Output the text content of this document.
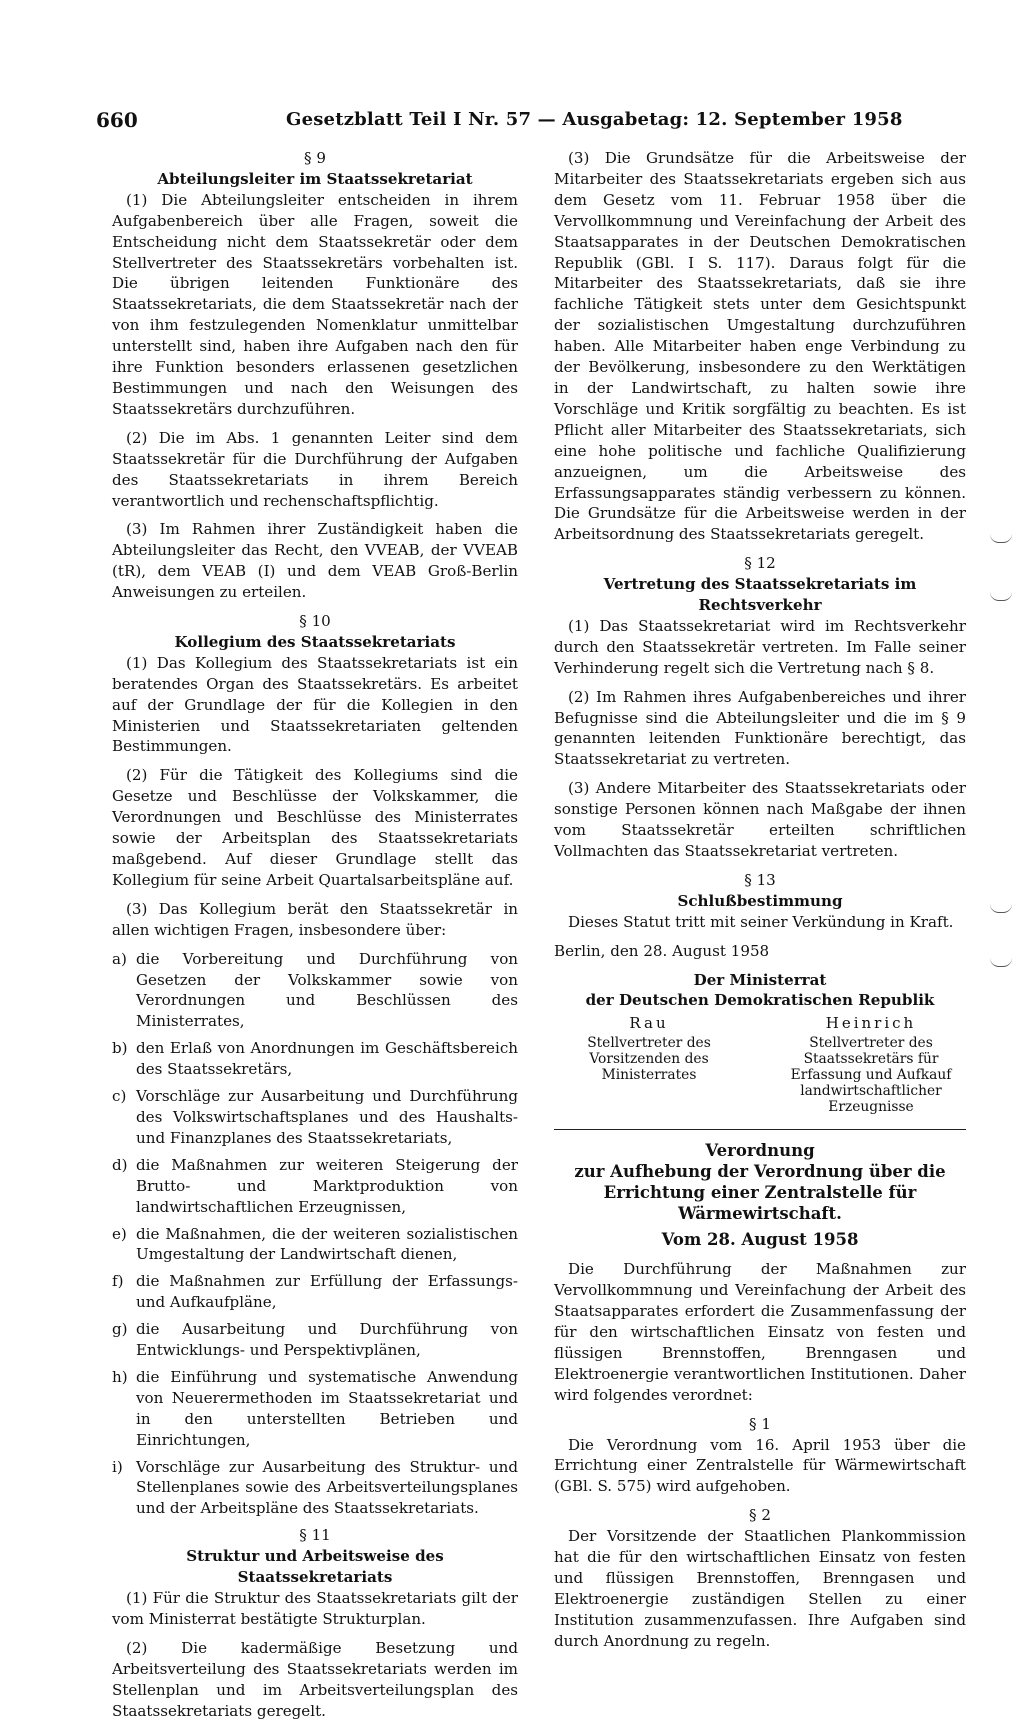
660	Gesetzblatt Teil I Nr. 57 — Ausgabetag: 12. September 1958
§ 9
Abteilungsleiter im Staatssekretariat

(1) Die Abteilungsleiter entscheiden in ihrem Aufgabenbereich über alle Fragen, soweit die Entscheidung nicht dem Staatssekretär oder dem Stellvertreter des Staatssekretärs vorbehalten ist. Die übrigen leitenden Funktionäre des Staatssekretariats, die dem Staatssekretär nach der von ihm festzulegenden Nomenklatur unmittelbar unterstellt sind, haben ihre Aufgaben nach den für ihre Funktion besonders erlassenen gesetzlichen Bestimmungen und nach den Weisungen des Staatssekretärs durchzuführen.

(2) Die im Abs. 1 genannten Leiter sind dem Staatssekretär für die Durchführung der Aufgaben des Staatssekretariats in ihrem Bereich verantwortlich und rechenschaftspflichtig.

(3) Im Rahmen ihrer Zuständigkeit haben die Abteilungsleiter das Recht, den VVEAB, der VVEAB (tR), dem VEAB (I) und dem VEAB Groß-Berlin Anweisungen zu erteilen.

§ 10
Kollegium des Staatssekretariats

(1) Das Kollegium des Staatssekretariats ist ein beratendes Organ des Staatssekretärs. Es arbeitet auf der Grundlage der für die Kollegien in den Ministerien und Staatssekretariaten geltenden Bestimmungen.

(2) Für die Tätigkeit des Kollegiums sind die Gesetze und Beschlüsse der Volkskammer, die Verordnungen und Beschlüsse des Ministerrates sowie der Arbeitsplan des Staatssekretariats maßgebend. Auf dieser Grundlage stellt das Kollegium für seine Arbeit Quartalsarbeitspläne auf.

(3) Das Kollegium berät den Staatssekretär in allen wichtigen Fragen, insbesondere über:

a) die Vorbereitung und Durchführung von Gesetzen der Volkskammer sowie von Verordnungen und Beschlüssen des Ministerrates,
b) den Erlaß von Anordnungen im Geschäftsbereich des Staatssekretärs,
c) Vorschläge zur Ausarbeitung und Durchführung des Volkswirtschaftsplanes und des Haushalts- und Finanzplanes des Staatssekretariats,
d) die Maßnahmen zur weiteren Steigerung der Brutto- und Marktproduktion von landwirtschaftlichen Erzeugnissen,
e) die Maßnahmen, die der weiteren sozialistischen Umgestaltung der Landwirtschaft dienen,
f) die Maßnahmen zur Erfüllung der Erfassungs- und Aufkaufpläne,
g) die Ausarbeitung und Durchführung von Entwicklungs- und Perspektivplänen,
h) die Einführung und systematische Anwendung von Neuerermethoden im Staatssekretariat und in den unterstellten Betrieben und Einrichtungen,
i) Vorschläge zur Ausarbeitung des Struktur- und Stellenplanes sowie des Arbeitsverteilungsplanes und der Arbeitspläne des Staatssekretariats.
§ 11
Struktur und Arbeitsweise des Staatssekretariats

(1) Für die Struktur des Staatssekretariats gilt der vom Ministerrat bestätigte Strukturplan.

(2) Die kadermäßige Besetzung und Arbeitsverteilung des Staatssekretariats werden im Stellenplan und im Arbeitsverteilungsplan des Staatssekretariats geregelt.

(3) Die Grundsätze für die Arbeitsweise der Mitarbeiter des Staatssekretariats ergeben sich aus dem Gesetz vom 11. Februar 1958 über die Vervollkommnung und Vereinfachung der Arbeit des Staatsapparates in der Deutschen Demokratischen Republik (GBl. I S. 117). Daraus folgt für die Mitarbeiter des Staatssekretariats, daß sie ihre fachliche Tätigkeit stets unter dem Gesichtspunkt der sozialistischen Umgestaltung durchzuführen haben. Alle Mitarbeiter haben enge Verbindung zu der Bevölkerung, insbesondere zu den Werktätigen in der Landwirtschaft, zu halten sowie ihre Vorschläge und Kritik sorgfältig zu beachten. Es ist Pflicht aller Mitarbeiter des Staatssekretariats, sich eine hohe politische und fachliche Qualifizierung anzueignen, um die Arbeitsweise des Erfassungsapparates ständig verbessern zu können. Die Grundsätze für die Arbeitsweise werden in der Arbeitsordnung des Staatssekretariats geregelt.

§ 12
Vertretung des Staatssekretariats im Rechtsverkehr

(1) Das Staatssekretariat wird im Rechtsverkehr durch den Staatssekretär vertreten. Im Falle seiner Verhinderung regelt sich die Vertretung nach § 8.

(2) Im Rahmen ihres Aufgabenbereiches und ihrer Befugnisse sind die Abteilungsleiter und die im § 9 genannten leitenden Funktionäre berechtigt, das Staatssekretariat zu vertreten.

(3) Andere Mitarbeiter des Staatssekretariats oder sonstige Personen können nach Maßgabe der ihnen vom Staatssekretär erteilten schriftlichen Vollmachten das Staatssekretariat vertreten.

§ 13
Schlußbestimmung

Dieses Statut tritt mit seiner Verkündung in Kraft.

Berlin, den 28. August 1958

Der Ministerrat
der Deutschen Demokratischen Republik
Rau
Stellvertreter des Vorsitzenden des Ministerrates
Heinrich
Stellvertreter des Staatssekretärs für Erfassung und Aufkauf landwirtschaftlicher Erzeugnisse
Verordnung
zur Aufhebung der Verordnung über die Errichtung einer Zentralstelle für Wärmewirtschaft.
Vom 28. August 1958

Die Durchführung der Maßnahmen zur Vervollkommnung und Vereinfachung der Arbeit des Staatsapparates erfordert die Zusammenfassung der für den wirtschaftlichen Einsatz von festen und flüssigen Brennstoffen, Brenngasen und Elektroenergie verantwortlichen Institutionen. Daher wird folgendes verordnet:

§ 1

Die Verordnung vom 16. April 1953 über die Errichtung einer Zentralstelle für Wärmewirtschaft (GBl. S. 575) wird aufgehoben.

§ 2

Der Vorsitzende der Staatlichen Plankommission hat die für den wirtschaftlichen Einsatz von festen und flüssigen Brennstoffen, Brenngasen und Elektroenergie zuständigen Stellen zu einer Institution zusammenzufassen. Ihre Aufgaben sind durch Anordnung zu regeln.
